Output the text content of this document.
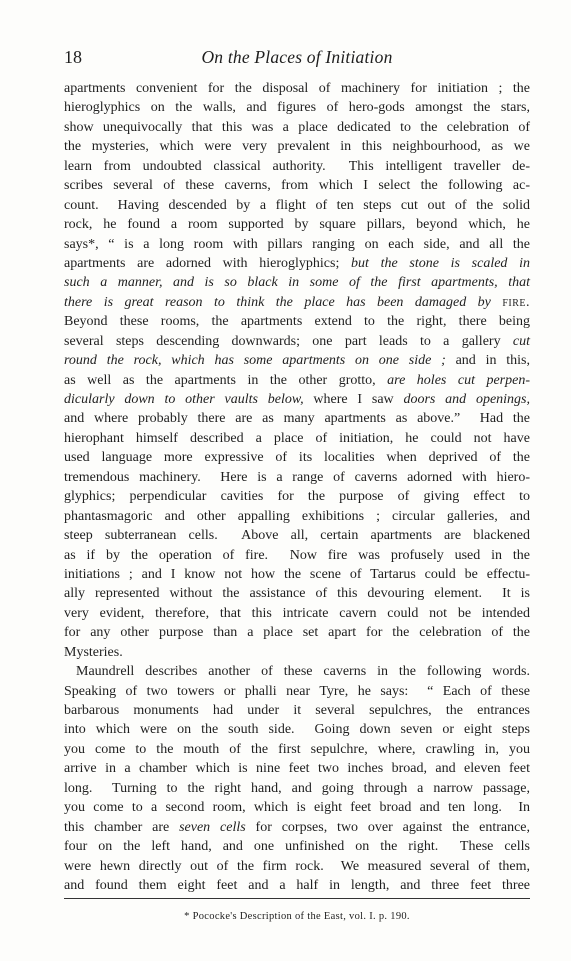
18	On the Places of Initiation
apartments convenient for the disposal of machinery for initiation ; the
hieroglyphics on the walls, and figures of hero-gods amongst the stars,
show unequivocally that this was a place dedicated to the celebration of
the mysteries, which were very prevalent in this neighbourhood, as we
learn from undoubted classical authority.  This intelligent traveller de-
scribes several of these caverns, from which I select the following ac-
count.  Having descended by a flight of ten steps cut out of the solid
rock, he found a room supported by square pillars, beyond which, he
says*, “ is a long room with pillars ranging on each side, and all the
apartments are adorned with hieroglyphics; but the stone is scaled in
such a manner, and is so black in some of the first apartments, that
there is great reason to think the place has been damaged by fire.
Beyond these rooms, the apartments extend to the right, there being
several steps descending downwards; one part leads to a gallery cut
round the rock, which has some apartments on one side ; and in this,
as well as the apartments in the other grotto, are holes cut perpen-
dicularly down to other vaults below, where I saw doors and openings,
and where probably there are as many apartments as above.”  Had the
hierophant himself described a place of initiation, he could not have
used language more expressive of its localities when deprived of the
tremendous machinery.  Here is a range of caverns adorned with hiero-
glyphics; perpendicular cavities for the purpose of giving effect to
phantasmagoric and other appalling exhibitions ; circular galleries, and
steep subterranean cells.  Above all, certain apartments are blackened
as if by the operation of fire.  Now fire was profusely used in the
initiations ; and I know not how the scene of Tartarus could be effectu-
ally represented without the assistance of this devouring element.  It is
very evident, therefore, that this intricate cavern could not be intended
for any other purpose than a place set apart for the celebration of the
Mysteries.
Maundrell describes another of these caverns in the following words.
Speaking of two towers or phalli near Tyre, he says:  “ Each of these
barbarous monuments had under it several sepulchres, the entrances
into which were on the south side.  Going down seven or eight steps
you come to the mouth of the first sepulchre, where, crawling in, you
arrive in a chamber which is nine feet two inches broad, and eleven feet
long.  Turning to the right hand, and going through a narrow passage,
you come to a second room, which is eight feet broad and ten long.  In
this chamber are seven cells for corpses, two over against the entrance,
four on the left hand, and one unfinished on the right.  These cells
were hewn directly out of the firm rock.  We measured several of them,
and found them eight feet and a half in length, and three feet three
* Pococke's Description of the East, vol. I. p. 190.
